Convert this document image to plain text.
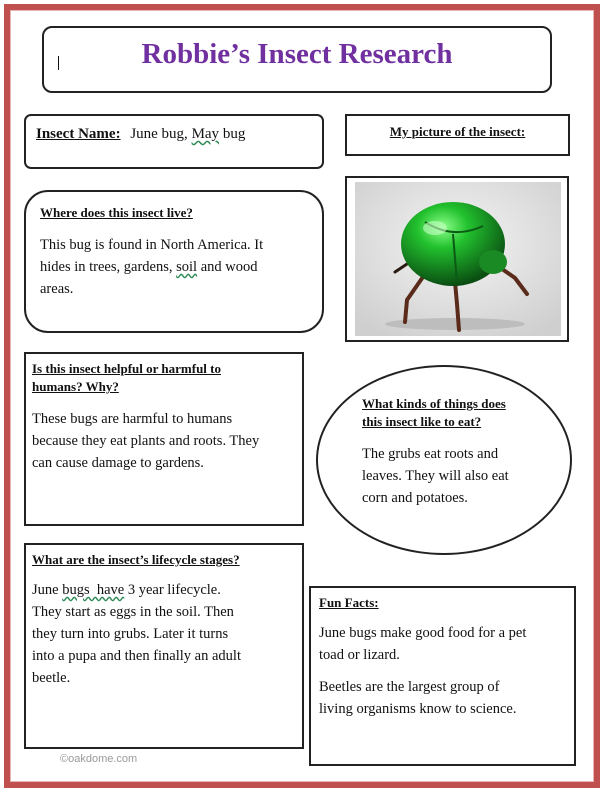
Robbie’s Insect Research
Insect Name: June bug, May bug	My picture of the insect:
Where does this insect live?
This bug is found in North America. It
hides in trees, gardens, soil and wood
areas.
Is this insect helpful or harmful to
humans? Why?
These bugs are harmful to humans
because they eat plants and roots. They
can cause damage to gardens.
What kinds of things does
this insect like to eat?
The grubs eat roots and
leaves. They will also eat
corn and potatoes.
What are the insect’s lifecycle stages?
June bugs  have 3 year lifecycle.
They start as eggs in the soil. Then
they turn into grubs. Later it turns
into a pupa and then finally an adult
beetle.
Fun Facts:
June bugs make good food for a pet
toad or lizard.
Beetles are the largest group of
living organisms know to science.
©oakdome.com
